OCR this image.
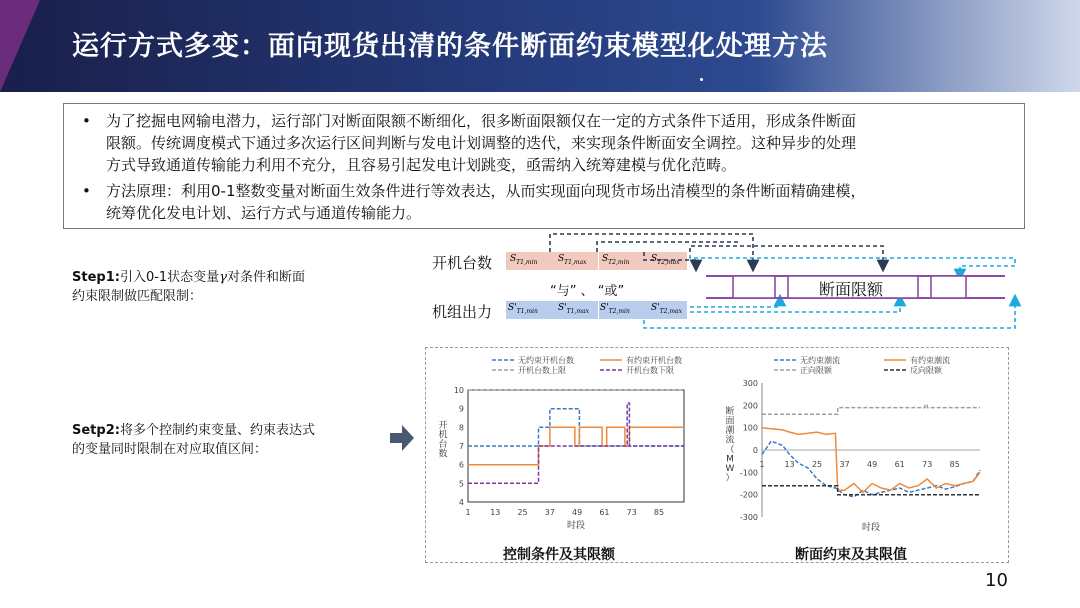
运行方式多变：面向现货出清的条件断面约束模型化处理方法
• 为了挖掘电网输电潜力，运行部门对断面限额不断细化，很多断面限额仅在一定的方式条件下适用，形成条件断面
限额。传统调度模式下通过多次运行区间判断与发电计划调整的迭代，来实现条件断面安全调控。这种异步的处理
方式导致通道传输能力利用不充分，且容易引起发电计划跳变，亟需纳入统筹建模与优化范畴。
• 方法原理：利用0-1整数变量对断面生效条件进行等效表达，从而实现面向现货市场出清模型的条件断面精确建模，
统筹优化发电计划、运行方式与通道传输能力。
Step1:引入0-1状态变量γ对条件和断面
约束限制做匹配限制：
Setp2:将多个控制约束变量、约束表达式
的变量同时限制在对应取值区间：
开机台数
机组出力
$S_{T1,min}$ $S_{T1,max}$ $S_{T2,min}$ $S_{T2,max}$
$S'_{T1,min}$ $S'_{T1,max}$ $S'_{T2,min}$ $S'_{T2,max}$
“与” 、 “或”	断面限额
无约束开机台数	有约束开机台数
开机台数上限	开机台数下限
4
5
6
7
8
9
10
1 13 25 37 49 61 73 85
时段
开机台数
无约束潮流	有约束潮流
正向限额	反向限额
-300
-200
-100
0
100
200
300
1 13 25 37 49 61 73 85
时段
断面潮流（ M W ）
控制条件及其限额	断面约束及其限值
10
